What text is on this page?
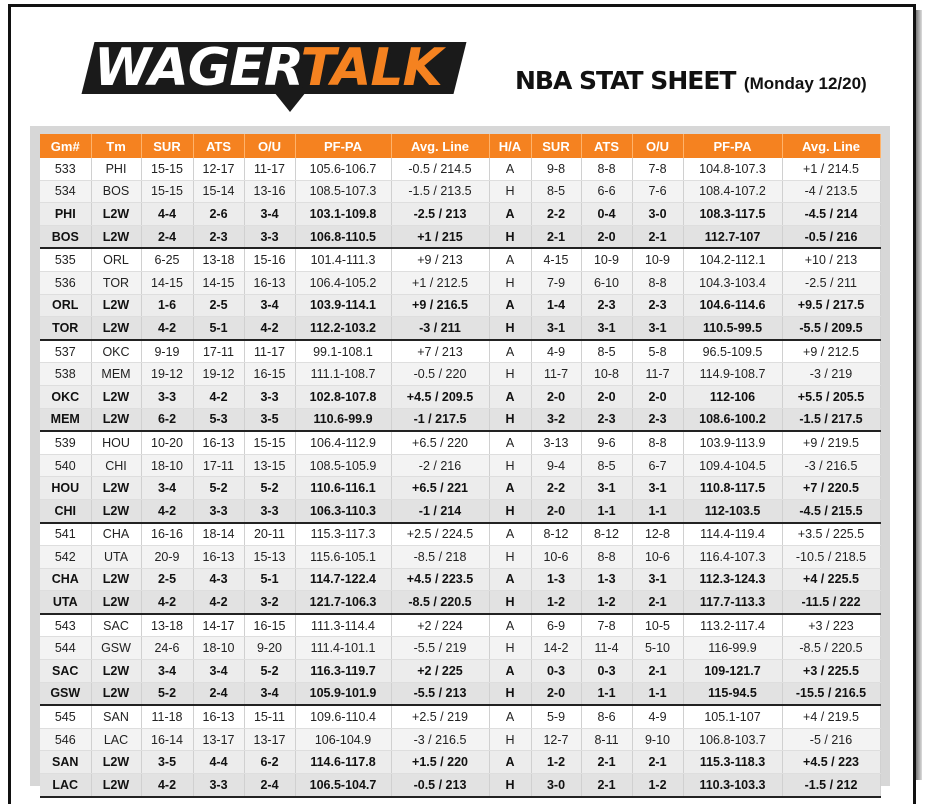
WAGERTALK	NBA STAT SHEET (Monday 12/20)
Gm#	Tm	SUR	ATS	O/U	PF-PA	Avg. Line	H/A	SUR	ATS	O/U	PF-PA	Avg. Line
533	PHI	15-15	12-17	11-17	105.6-106.7	-0.5 / 214.5	A	9-8	8-8	7-8	104.8-107.3	+1 / 214.5
534	BOS	15-15	15-14	13-16	108.5-107.3	-1.5 / 213.5	H	8-5	6-6	7-6	108.4-107.2	-4 / 213.5
PHI	L2W	4-4	2-6	3-4	103.1-109.8	-2.5 / 213	A	2-2	0-4	3-0	108.3-117.5	-4.5 / 214
BOS	L2W	2-4	2-3	3-3	106.8-110.5	+1 / 215	H	2-1	2-0	2-1	112.7-107	-0.5 / 216
535	ORL	6-25	13-18	15-16	101.4-111.3	+9 / 213	A	4-15	10-9	10-9	104.2-112.1	+10 / 213
536	TOR	14-15	14-15	16-13	106.4-105.2	+1 / 212.5	H	7-9	6-10	8-8	104.3-103.4	-2.5 / 211
ORL	L2W	1-6	2-5	3-4	103.9-114.1	+9 / 216.5	A	1-4	2-3	2-3	104.6-114.6	+9.5 / 217.5
TOR	L2W	4-2	5-1	4-2	112.2-103.2	-3 / 211	H	3-1	3-1	3-1	110.5-99.5	-5.5 / 209.5
537	OKC	9-19	17-11	11-17	99.1-108.1	+7 / 213	A	4-9	8-5	5-8	96.5-109.5	+9 / 212.5
538	MEM	19-12	19-12	16-15	111.1-108.7	-0.5 / 220	H	11-7	10-8	11-7	114.9-108.7	-3 / 219
OKC	L2W	3-3	4-2	3-3	102.8-107.8	+4.5 / 209.5	A	2-0	2-0	2-0	112-106	+5.5 / 205.5
MEM	L2W	6-2	5-3	3-5	110.6-99.9	-1 / 217.5	H	3-2	2-3	2-3	108.6-100.2	-1.5 / 217.5
539	HOU	10-20	16-13	15-15	106.4-112.9	+6.5 / 220	A	3-13	9-6	8-8	103.9-113.9	+9 / 219.5
540	CHI	18-10	17-11	13-15	108.5-105.9	-2 / 216	H	9-4	8-5	6-7	109.4-104.5	-3 / 216.5
HOU	L2W	3-4	5-2	5-2	110.6-116.1	+6.5 / 221	A	2-2	3-1	3-1	110.8-117.5	+7 / 220.5
CHI	L2W	4-2	3-3	3-3	106.3-110.3	-1 / 214	H	2-0	1-1	1-1	112-103.5	-4.5 / 215.5
541	CHA	16-16	18-14	20-11	115.3-117.3	+2.5 / 224.5	A	8-12	8-12	12-8	114.4-119.4	+3.5 / 225.5
542	UTA	20-9	16-13	15-13	115.6-105.1	-8.5 / 218	H	10-6	8-8	10-6	116.4-107.3	-10.5 / 218.5
CHA	L2W	2-5	4-3	5-1	114.7-122.4	+4.5 / 223.5	A	1-3	1-3	3-1	112.3-124.3	+4 / 225.5
UTA	L2W	4-2	4-2	3-2	121.7-106.3	-8.5 / 220.5	H	1-2	1-2	2-1	117.7-113.3	-11.5 / 222
543	SAC	13-18	14-17	16-15	111.3-114.4	+2 / 224	A	6-9	7-8	10-5	113.2-117.4	+3 / 223
544	GSW	24-6	18-10	9-20	111.4-101.1	-5.5 / 219	H	14-2	11-4	5-10	116-99.9	-8.5 / 220.5
SAC	L2W	3-4	3-4	5-2	116.3-119.7	+2 / 225	A	0-3	0-3	2-1	109-121.7	+3 / 225.5
GSW	L2W	5-2	2-4	3-4	105.9-101.9	-5.5 / 213	H	2-0	1-1	1-1	115-94.5	-15.5 / 216.5
545	SAN	11-18	16-13	15-11	109.6-110.4	+2.5 / 219	A	5-9	8-6	4-9	105.1-107	+4 / 219.5
546	LAC	16-14	13-17	13-17	106-104.9	-3 / 216.5	H	12-7	8-11	9-10	106.8-103.7	-5 / 216
SAN	L2W	3-5	4-4	6-2	114.6-117.8	+1.5 / 220	A	1-2	2-1	2-1	115.3-118.3	+4.5 / 223
LAC	L2W	4-2	3-3	2-4	106.5-104.7	-0.5 / 213	H	3-0	2-1	1-2	110.3-103.3	-1.5 / 212
